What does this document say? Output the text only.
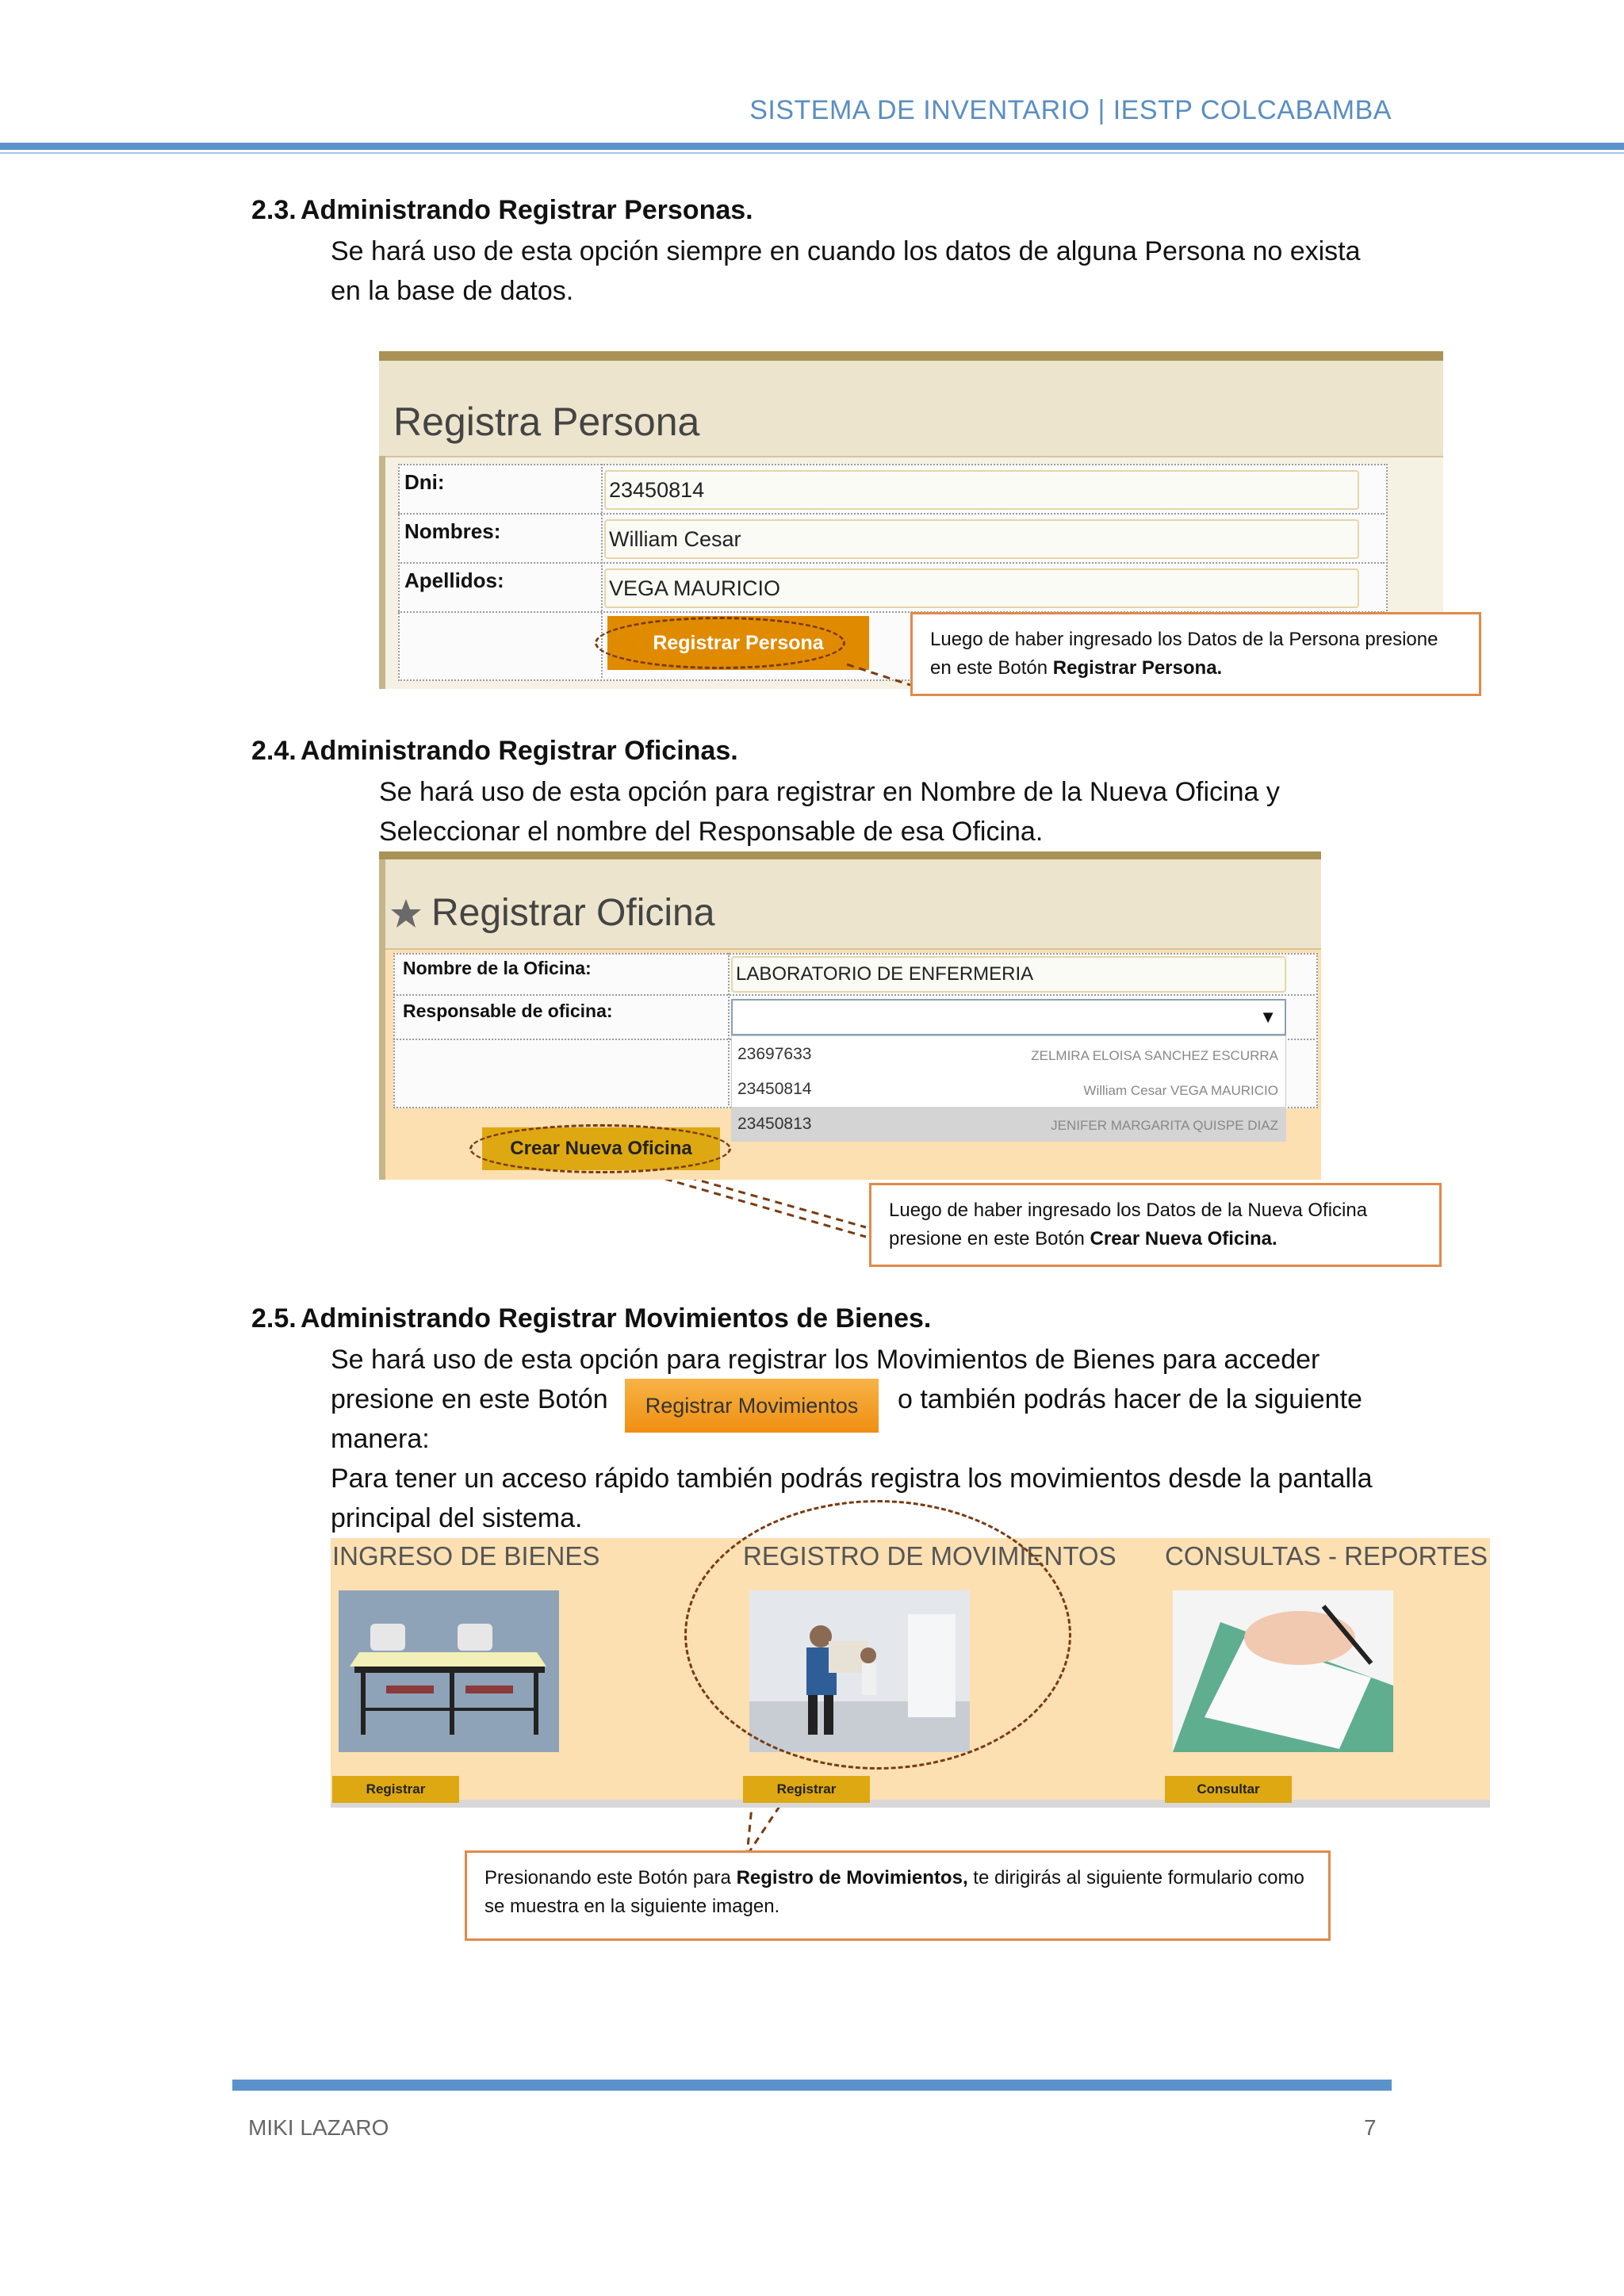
SISTEMA DE INVENTARIO | IESTP COLCABAMBA
2.3. Administrando Registrar Personas.
Se hará uso de esta opción siempre en cuando los datos de alguna Persona no exista
en la base de datos.
Registra Persona
Dni:	23450814
Nombres:	William Cesar
Apellidos:	VEGA MAURICIO
Registrar Persona	Luego de haber ingresado los Datos de la Persona presione en este Botón Registrar Persona.
2.4. Administrando Registrar Oficinas.
Se hará uso de esta opción para registrar en Nombre de la Nueva Oficina y
Seleccionar el nombre del Responsable de esa Oficina.
Registrar Oficina
Nombre de la Oficina:	LABORATORIO DE ENFERMERIA
Responsable de oficina:	▼
23697633	ZELMIRA ELOISA SANCHEZ ESCURRA
23450814	William Cesar VEGA MAURICIO
23450813	JENIFER MARGARITA QUISPE DIAZ
Crear Nueva Oficina
Luego de haber ingresado los Datos de la Nueva Oficina presione en este Botón Crear Nueva Oficina.
2.5. Administrando Registrar Movimientos de Bienes.
Se hará uso de esta opción para registrar los Movimientos de Bienes para acceder
presione en este Botón	Registrar Movimientos	o también podrás hacer de la siguiente
manera:
Para tener un acceso rápido también podrás registra los movimientos desde la pantalla
principal del sistema.
INGRESO DE BIENES
Registrar
REGISTRO DE MOVIMIENTOS
Registrar
CONSULTAS - REPORTES
Consultar
Presionando este Botón para Registro de Movimientos, te dirigirás al siguiente formulario como se muestra en la siguiente imagen.
MIKI LAZARO	7
